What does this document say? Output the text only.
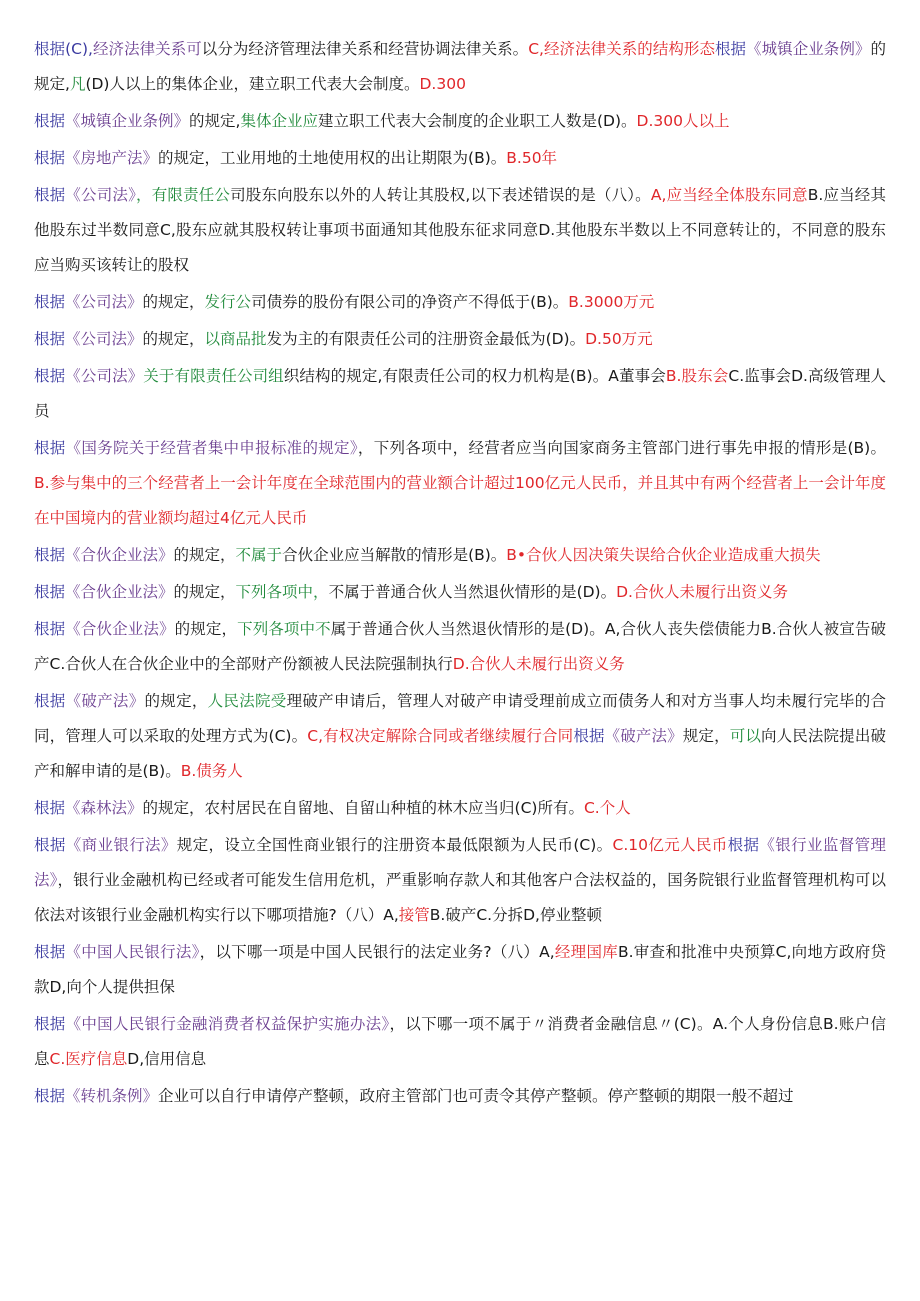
根据(C),经济法律关系可以分为经济管理法律关系和经营协调法律关系。C,经济法律关系的结构形态根据《城镇企业条例》的规定,凡(D)人以上的集体企业，建立职工代表大会制度。D.300

根据《城镇企业条例》的规定,集体企业应建立职工代表大会制度的企业职工人数是(D)。D.300人以上

根据《房地产法》的规定，工业用地的土地使用权的出让期限为(B)。B.50年

根据《公司法》，有限责任公司股东向股东以外的人转让其股权,以下表述错误的是（八）。A,应当经全体股东同意B.应当经其他股东过半数同意C,股东应就其股权转让事项书面通知其他股东征求同意D.其他股东半数以上不同意转让的，不同意的股东应当购买该转让的股权

根据《公司法》的规定，发行公司债券的股份有限公司的净资产不得低于(B)。B.3000万元

根据《公司法》的规定，以商品批发为主的有限责任公司的注册资金最低为(D)。D.50万元

根据《公司法》关于有限责任公司组织结构的规定,有限责任公司的权力机构是(B)。A董事会B.股东会C.监事会D.高级管理人员

根据《国务院关于经营者集中申报标准的规定》，下列各项中，经营者应当向国家商务主管部门进行事先申报的情形是(B)。B.参与集中的三个经营者上一会计年度在全球范围内的营业额合计超过100亿元人民币，并且其中有两个经营者上一会计年度在中国境内的营业额均超过4亿元人民币

根据《合伙企业法》的规定，不属于合伙企业应当解散的情形是(B)。B•合伙人因决策失误给合伙企业造成重大损失

根据《合伙企业法》的规定，下列各项中，不属于普通合伙人当然退伙情形的是(D)。D.合伙人未履行出资义务

根据《合伙企业法》的规定，下列各项中不属于普通合伙人当然退伙情形的是(D)。A,合伙人丧失偿债能力B.合伙人被宣告破产C.合伙人在合伙企业中的全部财产份额被人民法院强制执行D.合伙人未履行出资义务

根据《破产法》的规定，人民法院受理破产申请后，管理人对破产申请受理前成立而债务人和对方当事人均未履行完毕的合同，管理人可以采取的处理方式为(C)。C,有权决定解除合同或者继续履行合同根据《破产法》规定，可以向人民法院提出破产和解申请的是(B)。B.债务人

根据《森林法》的规定，农村居民在自留地、自留山种植的林木应当归(C)所有。C.个人

根据《商业银行法》规定，设立全国性商业银行的注册资本最低限额为人民币(C)。C.10亿元人民币根据《银行业监督管理法》，银行业金融机构已经或者可能发生信用危机，严重影响存款人和其他客户合法权益的，国务院银行业监督管理机构可以依法对该银行业金融机构实行以下哪项措施?（八）A,接管B.破产C.分拆D,停业整顿

根据《中国人民银行法》，以下哪一项是中国人民银行的法定业务?（八）A,经理国库B.审查和批准中央预算C,向地方政府贷款D,向个人提供担保

根据《中国人民银行金融消费者权益保护实施办法》，以下哪一项不属于〃消费者金融信息〃(C)。A.个人身份信息B.账户信息C.医疗信息D,信用信息

根据《转机条例》企业可以自行申请停产整顿，政府主管部门也可责令其停产整顿。停产整顿的期限一般不超过
